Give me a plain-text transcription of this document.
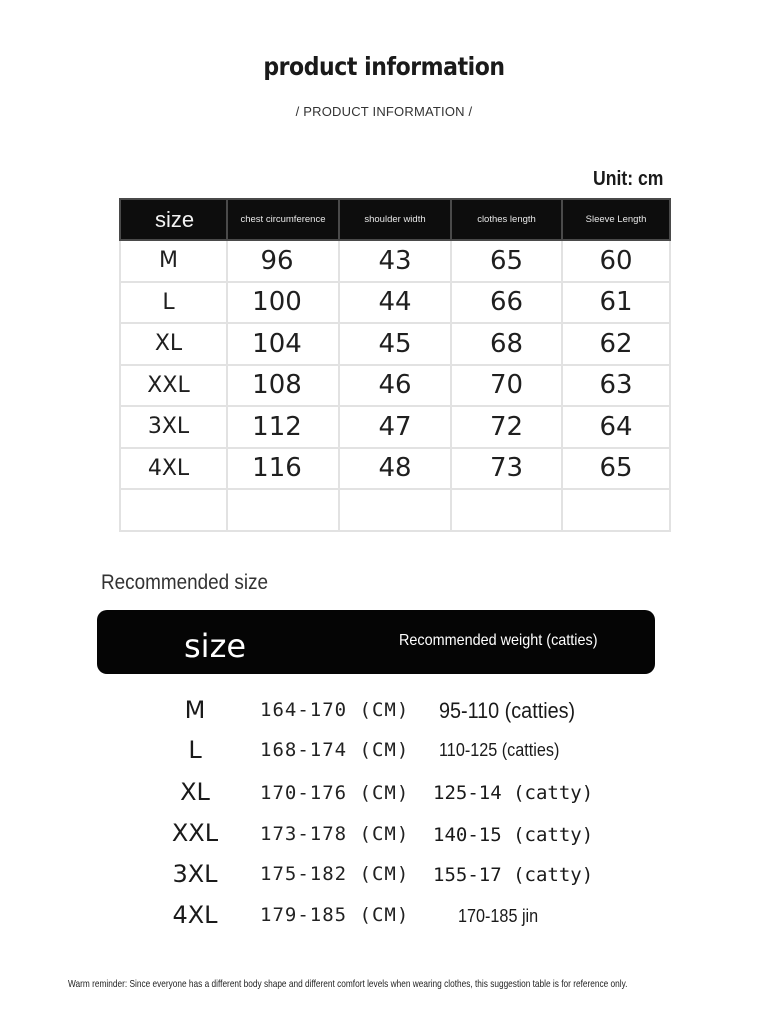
product information
/ PRODUCT INFORMATION /
Unit: cm
size	chest circumference	shoulder width	clothes length	Sleeve Length
M	96	43	65	60
L	100	44	66	61
XL	104	45	68	62
XXL	108	46	70	63
3XL	112	47	72	64
4XL	116	48	73	65

Recommended size
size	Recommended weight (catties)
M	164-170 (CM) 95-110 (catties)
L	168-174 (CM) 110-125 (catties)
XL	170-176 (CM) 125-14 (catty)
XXL	173-178 (CM) 140-15 (catty)
3XL	175-182 (CM) 155-17 (catty)
4XL	179-185 (CM)	170-185 jin
Warm reminder: Since everyone has a different body shape and different comfort levels when wearing clothes, this suggestion table is for reference only.
